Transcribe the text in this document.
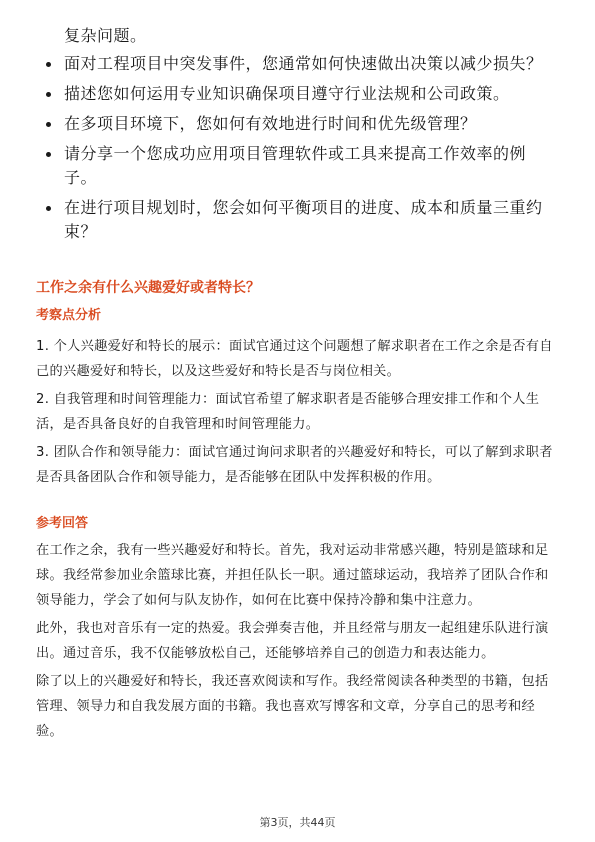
复杂问题。

面对工程项目中突发事件，您通常如何快速做出决策以减少损失？
描述您如何运用专业知识确保项目遵守行业法规和公司政策。
在多项目环境下，您如何有效地进行时间和优先级管理？
请分享一个您成功应用项目管理软件或工具来提高工作效率的例子。
在进行项目规划时，您会如何平衡项目的进度、成本和质量三重约束？

工作之余有什么兴趣爱好或者特长？

考察点分析

1. 个人兴趣爱好和特长的展示：面试官通过这个问题想了解求职者在工作之余是否有自己的兴趣爱好和特长，以及这些爱好和特长是否与岗位相关。

2. 自我管理和时间管理能力：面试官希望了解求职者是否能够合理安排工作和个人生活，是否具备良好的自我管理和时间管理能力。

3. 团队合作和领导能力：面试官通过询问求职者的兴趣爱好和特长，可以了解到求职者是否具备团队合作和领导能力，是否能够在团队中发挥积极的作用。

参考回答

在工作之余，我有一些兴趣爱好和特长。首先，我对运动非常感兴趣，特别是篮球和足球。我经常参加业余篮球比赛，并担任队长一职。通过篮球运动，我培养了团队合作和领导能力，学会了如何与队友协作，如何在比赛中保持冷静和集中注意力。

此外，我也对音乐有一定的热爱。我会弹奏吉他，并且经常与朋友一起组建乐队进行演出。通过音乐，我不仅能够放松自己，还能够培养自己的创造力和表达能力。

除了以上的兴趣爱好和特长，我还喜欢阅读和写作。我经常阅读各种类型的书籍，包括管理、领导力和自我发展方面的书籍。我也喜欢写博客和文章，分享自己的思考和经验。

第3页，共44页
